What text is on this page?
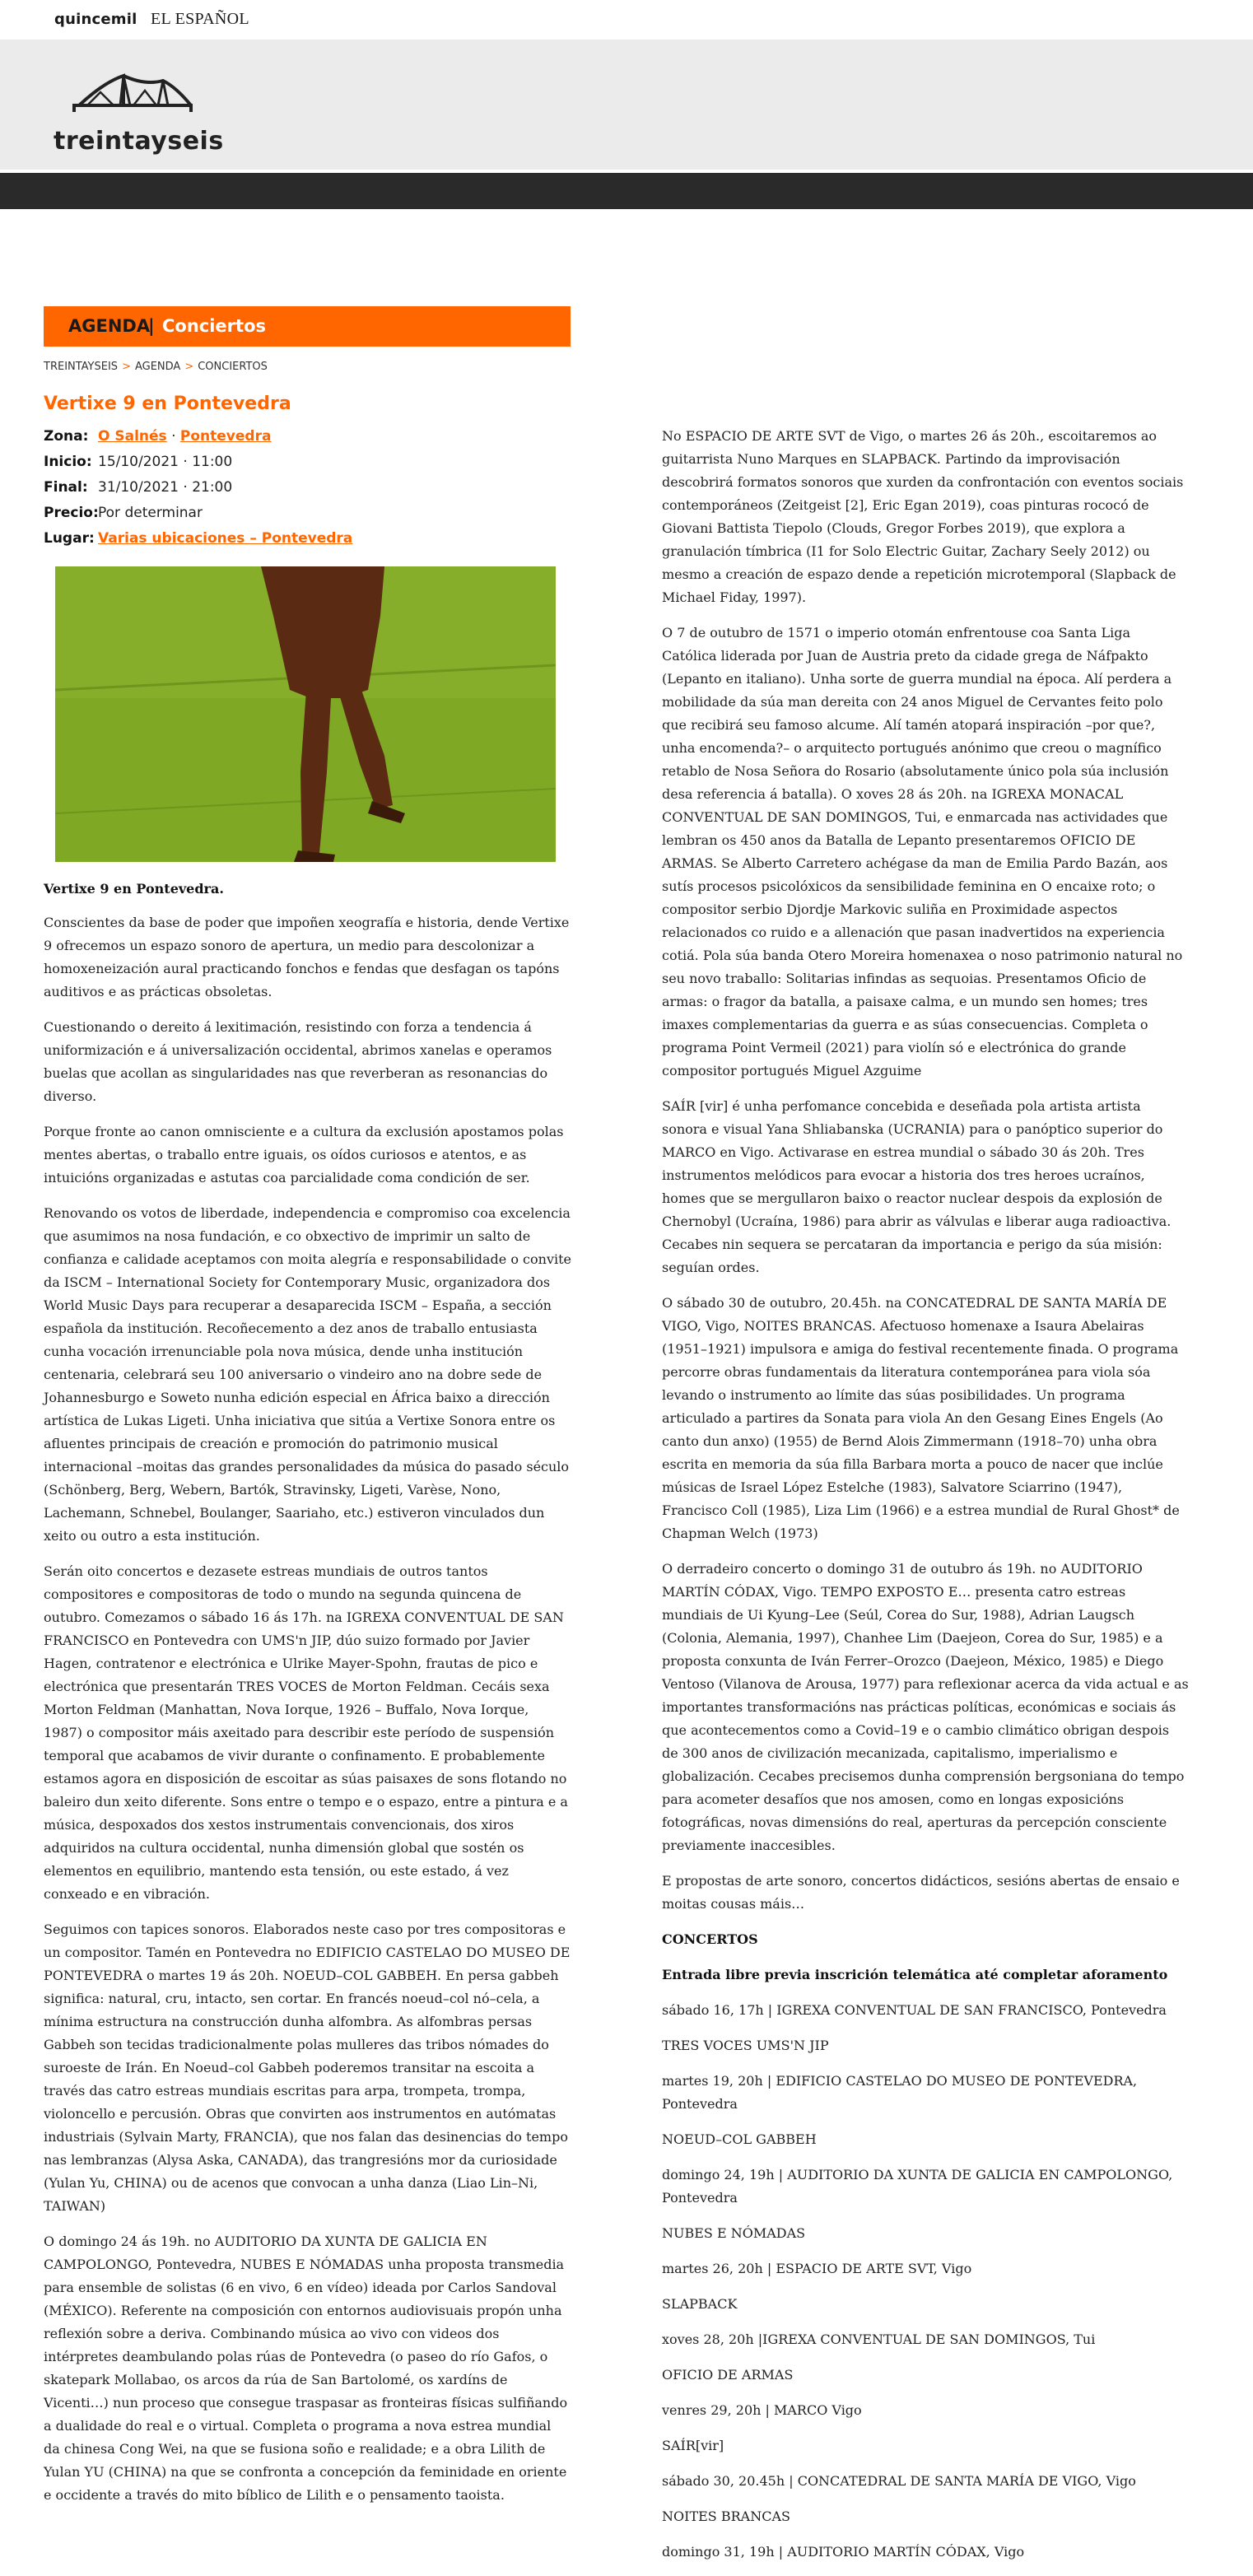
quincemil EL ESPAÑOL
treintayseis
AGENDA
| Conciertos
TREINTAYSEIS > AGENDA > CONCIERTOS
Vertixe 9 en Pontevedra
Zona: O Salnés · Pontevedra
Inicio: 15/10/2021 · 11:00
Final: 31/10/2021 · 21:00
Precio: Por determinar
Lugar: Varias ubicaciones – Pontevedra
Vertixe 9 en Pontevedra.

Conscientes da base de poder que impoñen xeografía e historia, dende Vertixe 9 ofrecemos un espazo sonoro de apertura, un medio para descolonizar a homoxeneización aural practicando fonchos e fendas que desfagan os tapóns auditivos e as prácticas obsoletas.

Cuestionando o dereito á lexitimación, resistindo con forza a tendencia á uniformización e á universalización occidental, abrimos xanelas e operamos buelas que acollan as singularidades nas que reverberan as resonancias do diverso.

Porque fronte ao canon omnisciente e a cultura da exclusión apostamos polas mentes abertas, o traballo entre iguais, os oídos curiosos e atentos, e as intuicións organizadas e astutas coa parcialidade coma condición de ser.

Renovando os votos de liberdade, independencia e compromiso coa excelencia que asumimos na nosa fundación, e co obxectivo de imprimir un salto de confianza e calidade aceptamos con moita alegría e responsabilidade o convite da ISCM – International Society for Contemporary Music, organizadora dos World Music Days para recuperar a desaparecida ISCM – España, a sección española da institución. Recoñecemento a dez anos de traballo entusiasta cunha vocación irrenunciable pola nova música, dende unha institución centenaria, celebrará seu 100 aniversario o vindeiro ano na dobre sede de Johannesburgo e Soweto nunha edición especial en África baixo a dirección artística de Lukas Ligeti. Unha iniciativa que sitúa a Vertixe Sonora entre os afluentes principais de creación e promoción do patrimonio musical internacional –moitas das grandes personalidades da música do pasado século (Schönberg, Berg, Webern, Bartók, Stravinsky, Ligeti, Varèse, Nono, Lachemann, Schnebel, Boulanger, Saariaho, etc.) estiveron vinculados dun xeito ou outro a esta institución.

Serán oito concertos e dezasete estreas mundiais de outros tantos compositores e compositoras de todo o mundo na segunda quincena de outubro. Comezamos o sábado 16 ás 17h. na IGREXA CONVENTUAL DE SAN FRANCISCO en Pontevedra con UMS'n JIP, dúo suizo formado por Javier Hagen, contratenor e electrónica e Ulrike Mayer-Spohn, frautas de pico e electrónica que presentarán TRES VOCES de Morton Feldman. Cecáis sexa Morton Feldman (Manhattan, Nova Iorque, 1926 – Buffalo, Nova Iorque, 1987) o compositor máis axeitado para describir este período de suspensión temporal que acabamos de vivir durante o confinamento. E probablemente estamos agora en disposición de escoitar as súas paisaxes de sons flotando no baleiro dun xeito diferente. Sons entre o tempo e o espazo, entre a pintura e a música, despoxados dos xestos instrumentais convencionais, dos xiros adquiridos na cultura occidental, nunha dimensión global que sostén os elementos en equilibrio, mantendo esta tensión, ou este estado, á vez conxeado e en vibración.

Seguimos con tapices sonoros. Elaborados neste caso por tres compositoras e un compositor. Tamén en Pontevedra no EDIFICIO CASTELAO DO MUSEO DE PONTEVEDRA o martes 19 ás 20h. NOEUD–COL GABBEH. En persa gabbeh significa: natural, cru, intacto, sen cortar. En francés noeud–col nó–cela, a mínima estructura na construcción dunha alfombra. As alfombras persas Gabbeh son tecidas tradicionalmente polas mulleres das tribos nómades do suroeste de Irán. En Noeud–col Gabbeh poderemos transitar na escoita a través das catro estreas mundiais escritas para arpa, trompeta, trompa, violoncello e percusión. Obras que convirten aos instrumentos en autómatas industriais (Sylvain Marty, FRANCIA), que nos falan das desinencias do tempo nas lembranzas (Alysa Aska, CANADA), das trangresións mor da curiosidade (Yulan Yu, CHINA) ou de acenos que convocan a unha danza (Liao Lin–Ni, TAIWAN)

O domingo 24 ás 19h. no AUDITORIO DA XUNTA DE GALICIA EN CAMPOLONGO, Pontevedra, NUBES E NÓMADAS unha proposta transmedia para ensemble de solistas (6 en vivo, 6 en vídeo) ideada por Carlos Sandoval (MÉXICO). Referente na composición con entornos audiovisuais propón unha reflexión sobre a deriva. Combinando música ao vivo con videos dos intérpretes deambulando polas rúas de Pontevedra (o paseo do río Gafos, o skatepark Mollabao, os arcos da rúa de San Bartolomé, os xardíns de Vicenti…) nun proceso que consegue traspasar as fronteiras físicas sulfiñando a dualidade do real e o virtual. Completa o programa a nova estrea mundial da chinesa Cong Wei, na que se fusiona soño e realidade; e a obra Lilith de Yulan YU (CHINA) na que se confronta a concepción da feminidade en oriente e occidente a través do mito bíblico de Lilith e o pensamento taoista.

No ESPACIO DE ARTE SVT de Vigo, o martes 26 ás 20h., escoitaremos ao guitarrista Nuno Marques en SLAPBACK. Partindo da improvisación descobrirá formatos sonoros que xurden da confrontación con eventos sociais contemporáneos (Zeitgeist [2], Eric Egan 2019), coas pinturas rococó de Giovani Battista Tiepolo (Clouds, Gregor Forbes 2019), que explora a granulación tímbrica (I1 for Solo Electric Guitar, Zachary Seely 2012) ou mesmo a creación de espazo dende a repetición microtemporal (Slapback de Michael Fiday, 1997).

O 7 de outubro de 1571 o imperio otomán enfrentouse coa Santa Liga Católica liderada por Juan de Austria preto da cidade grega de Náfpakto (Lepanto en italiano). Unha sorte de guerra mundial na época. Alí perdera a mobilidade da súa man dereita con 24 anos Miguel de Cervantes feito polo que recibirá seu famoso alcume. Alí tamén atopará inspiración –por que?, unha encomenda?– o arquitecto portugués anónimo que creou o magnífico retablo de Nosa Señora do Rosario (absolutamente único pola súa inclusión desa referencia á batalla). O xoves 28 ás 20h. na IGREXA MONACAL CONVENTUAL DE SAN DOMINGOS, Tui, e enmarcada nas actividades que lembran os 450 anos da Batalla de Lepanto presentaremos OFICIO DE ARMAS. Se Alberto Carretero achégase da man de Emilia Pardo Bazán, aos sutís procesos psicolóxicos da sensibilidade feminina en O encaixe roto; o compositor serbio Djordje Markovic suliña en Proximidade aspectos relacionados co ruido e a allenación que pasan inadvertidos na experiencia cotiá. Pola súa banda Otero Moreira homenaxea o noso patrimonio natural no seu novo traballo: Solitarias infindas as sequoias. Presentamos Oficio de armas: o fragor da batalla, a paisaxe calma, e un mundo sen homes; tres imaxes complementarias da guerra e as súas consecuencias. Completa o programa Point Vermeil (2021) para violín só e electrónica do grande compositor portugués Miguel Azguime

SAÍR [vir] é unha perfomance concebida e deseñada pola artista artista sonora e visual Yana Shliabanska (UCRANIA) para o panóptico superior do MARCO en Vigo. Activarase en estrea mundial o sábado 30 ás 20h. Tres instrumentos melódicos para evocar a historia dos tres heroes ucraínos, homes que se mergullaron baixo o reactor nuclear despois da explosión de Chernobyl (Ucraína, 1986) para abrir as válvulas e liberar auga radioactiva. Cecabes nin sequera se percataran da importancia e perigo da súa misión: seguían ordes.

O sábado 30 de outubro, 20.45h. na CONCATEDRAL DE SANTA MARÍA DE VIGO, Vigo, NOITES BRANCAS. Afectuoso homenaxe a Isaura Abelairas (1951–1921) impulsora e amiga do festival recentemente finada. O programa percorre obras fundamentais da literatura contemporánea para viola sóa levando o instrumento ao límite das súas posibilidades. Un programa articulado a partires da Sonata para viola An den Gesang Eines Engels (Ao canto dun anxo) (1955) de Bernd Alois Zimmermann (1918–70) unha obra escrita en memoria da súa filla Barbara morta a pouco de nacer que inclúe músicas de Israel López Estelche (1983), Salvatore Sciarrino (1947), Francisco Coll (1985), Liza Lim (1966) e a estrea mundial de Rural Ghost* de Chapman Welch (1973)

O derradeiro concerto o domingo 31 de outubro ás 19h. no AUDITORIO MARTÍN CÓDAX, Vigo. TEMPO EXPOSTO E… presenta catro estreas mundiais de Ui Kyung–Lee (Seúl, Corea do Sur, 1988), Adrian Laugsch (Colonia, Alemania, 1997), Chanhee Lim (Daejeon, Corea do Sur, 1985) e a proposta conxunta de Iván Ferrer–Orozco (Daejeon, México, 1985) e Diego Ventoso (Vilanova de Arousa, 1977) para reflexionar acerca da vida actual e as importantes transformacións nas prácticas políticas, económicas e sociais ás que acontecementos como a Covid–19 e o cambio climático obrigan despois de 300 anos de civilización mecanizada, capitalismo, imperialismo e globalización. Cecabes precisemos dunha comprensión bergsoniana do tempo para acometer desafíos que nos amosen, como en longas exposicións fotográficas, novas dimensións do real, aperturas da percepción consciente previamente inaccesibles.

E propostas de arte sonoro, concertos didácticos, sesións abertas de ensaio e moitas cousas máis…

CONCERTOS

Entrada libre previa inscrición telemática até completar aforamento

sábado 16, 17h | IGREXA CONVENTUAL DE SAN FRANCISCO, Pontevedra

TRES VOCES UMS'N JIP

martes 19, 20h | EDIFICIO CASTELAO DO MUSEO DE PONTEVEDRA, Pontevedra

NOEUD–COL GABBEH

domingo 24, 19h | AUDITORIO DA XUNTA DE GALICIA EN CAMPOLONGO, Pontevedra

NUBES E NÓMADAS

martes 26, 20h | ESPACIO DE ARTE SVT, Vigo

SLAPBACK

xoves 28, 20h |IGREXA CONVENTUAL DE SAN DOMINGOS, Tui

OFICIO DE ARMAS

venres 29, 20h | MARCO Vigo

SAÍR[vir]

sábado 30, 20.45h | CONCATEDRAL DE SANTA MARÍA DE VIGO, Vigo

NOITES BRANCAS

domingo 31, 19h | AUDITORIO MARTÍN CÓDAX, Vigo
